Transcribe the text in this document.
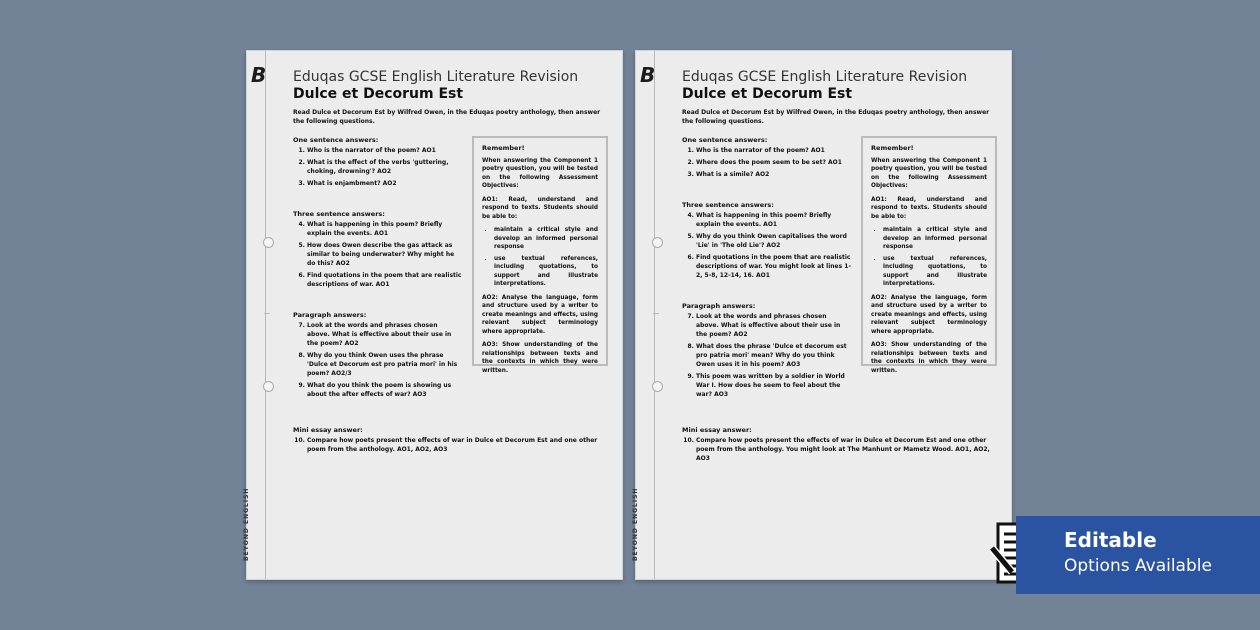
B
BEYOND ENGLISH
Eduqas GCSE English Literature Revision
Dulce et Decorum Est
Read Dulce et Decorum Est by Wilfred Owen, in the Eduqas poetry anthology, then answer the following questions.
One sentence answers:
1. Who is the narrator of the poem? AO1
2. What is the effect of the verbs 'guttering, choking, drowning'? AO2
3. What is enjambment? AO2
Three sentence answers:
4. What is happening in this poem? Briefly explain the events. AO1
5. How does Owen describe the gas attack as similar to being underwater? Why might he do this? AO2
6. Find quotations in the poem that are realistic descriptions of war. AO1
Paragraph answers:
7. Look at the words and phrases chosen above. What is effective about their use in the poem? AO2
8. Why do you think Owen uses the phrase 'Dulce et Decorum est pro patria mori' in his poem? AO2/3
9. What do you think the poem is showing us about the after effects of war? AO3
Remember!

When answering the Component 1 poetry question, you will be tested on the following Assessment Objectives:

AO1: Read, understand and respond to texts. Students should be able to:

• maintain a critical style and develop an informed personal response
• use textual references, including quotations, to support and illustrate interpretations.

AO2: Analyse the language, form and structure used by a writer to create meanings and effects, using relevant subject terminology where appropriate.

AO3: Show understanding of the relationships between texts and the contexts in which they were written.

Mini essay answer:
10. Compare how poets present the effects of war in Dulce et Decorum Est and one other poem from the anthology. AO1, AO2, AO3
B
BEYOND ENGLISH
Eduqas GCSE English Literature Revision
Dulce et Decorum Est
Read Dulce et Decorum Est by Wilfred Owen, in the Eduqas poetry anthology, then answer the following questions.
One sentence answers:
1. Who is the narrator of the poem? AO1
2. Where does the poem seem to be set? AO1
3. What is a simile? AO2
Three sentence answers:
4. What is happening in this poem? Briefly explain the events. AO1
5. Why do you think Owen capitalises the word 'Lie' in 'The old Lie'? AO2
6. Find quotations in the poem that are realistic descriptions of war. You might look at lines 1-2, 5-8, 12-14, 16. AO1
Paragraph answers:
7. Look at the words and phrases chosen above. What is effective about their use in the poem? AO2
8. What does the phrase 'Dulce et decorum est pro patria mori' mean? Why do you think Owen uses it in his poem? AO3
9. This poem was written by a soldier in World War I. How does he seem to feel about the war? AO3
Remember!

When answering the Component 1 poetry question, you will be tested on the following Assessment Objectives:

AO1: Read, understand and respond to texts. Students should be able to:

• maintain a critical style and develop an informed personal response
• use textual references, including quotations, to support and illustrate interpretations.

AO2: Analyse the language, form and structure used by a writer to create meanings and effects, using relevant subject terminology where appropriate.

AO3: Show understanding of the relationships between texts and the contexts in which they were written.

Mini essay answer:
10. Compare how poets present the effects of war in Dulce et Decorum Est and one other poem from the anthology. You might look at The Manhunt or Mametz Wood. AO1, AO2, AO3
Editable
Options Available
